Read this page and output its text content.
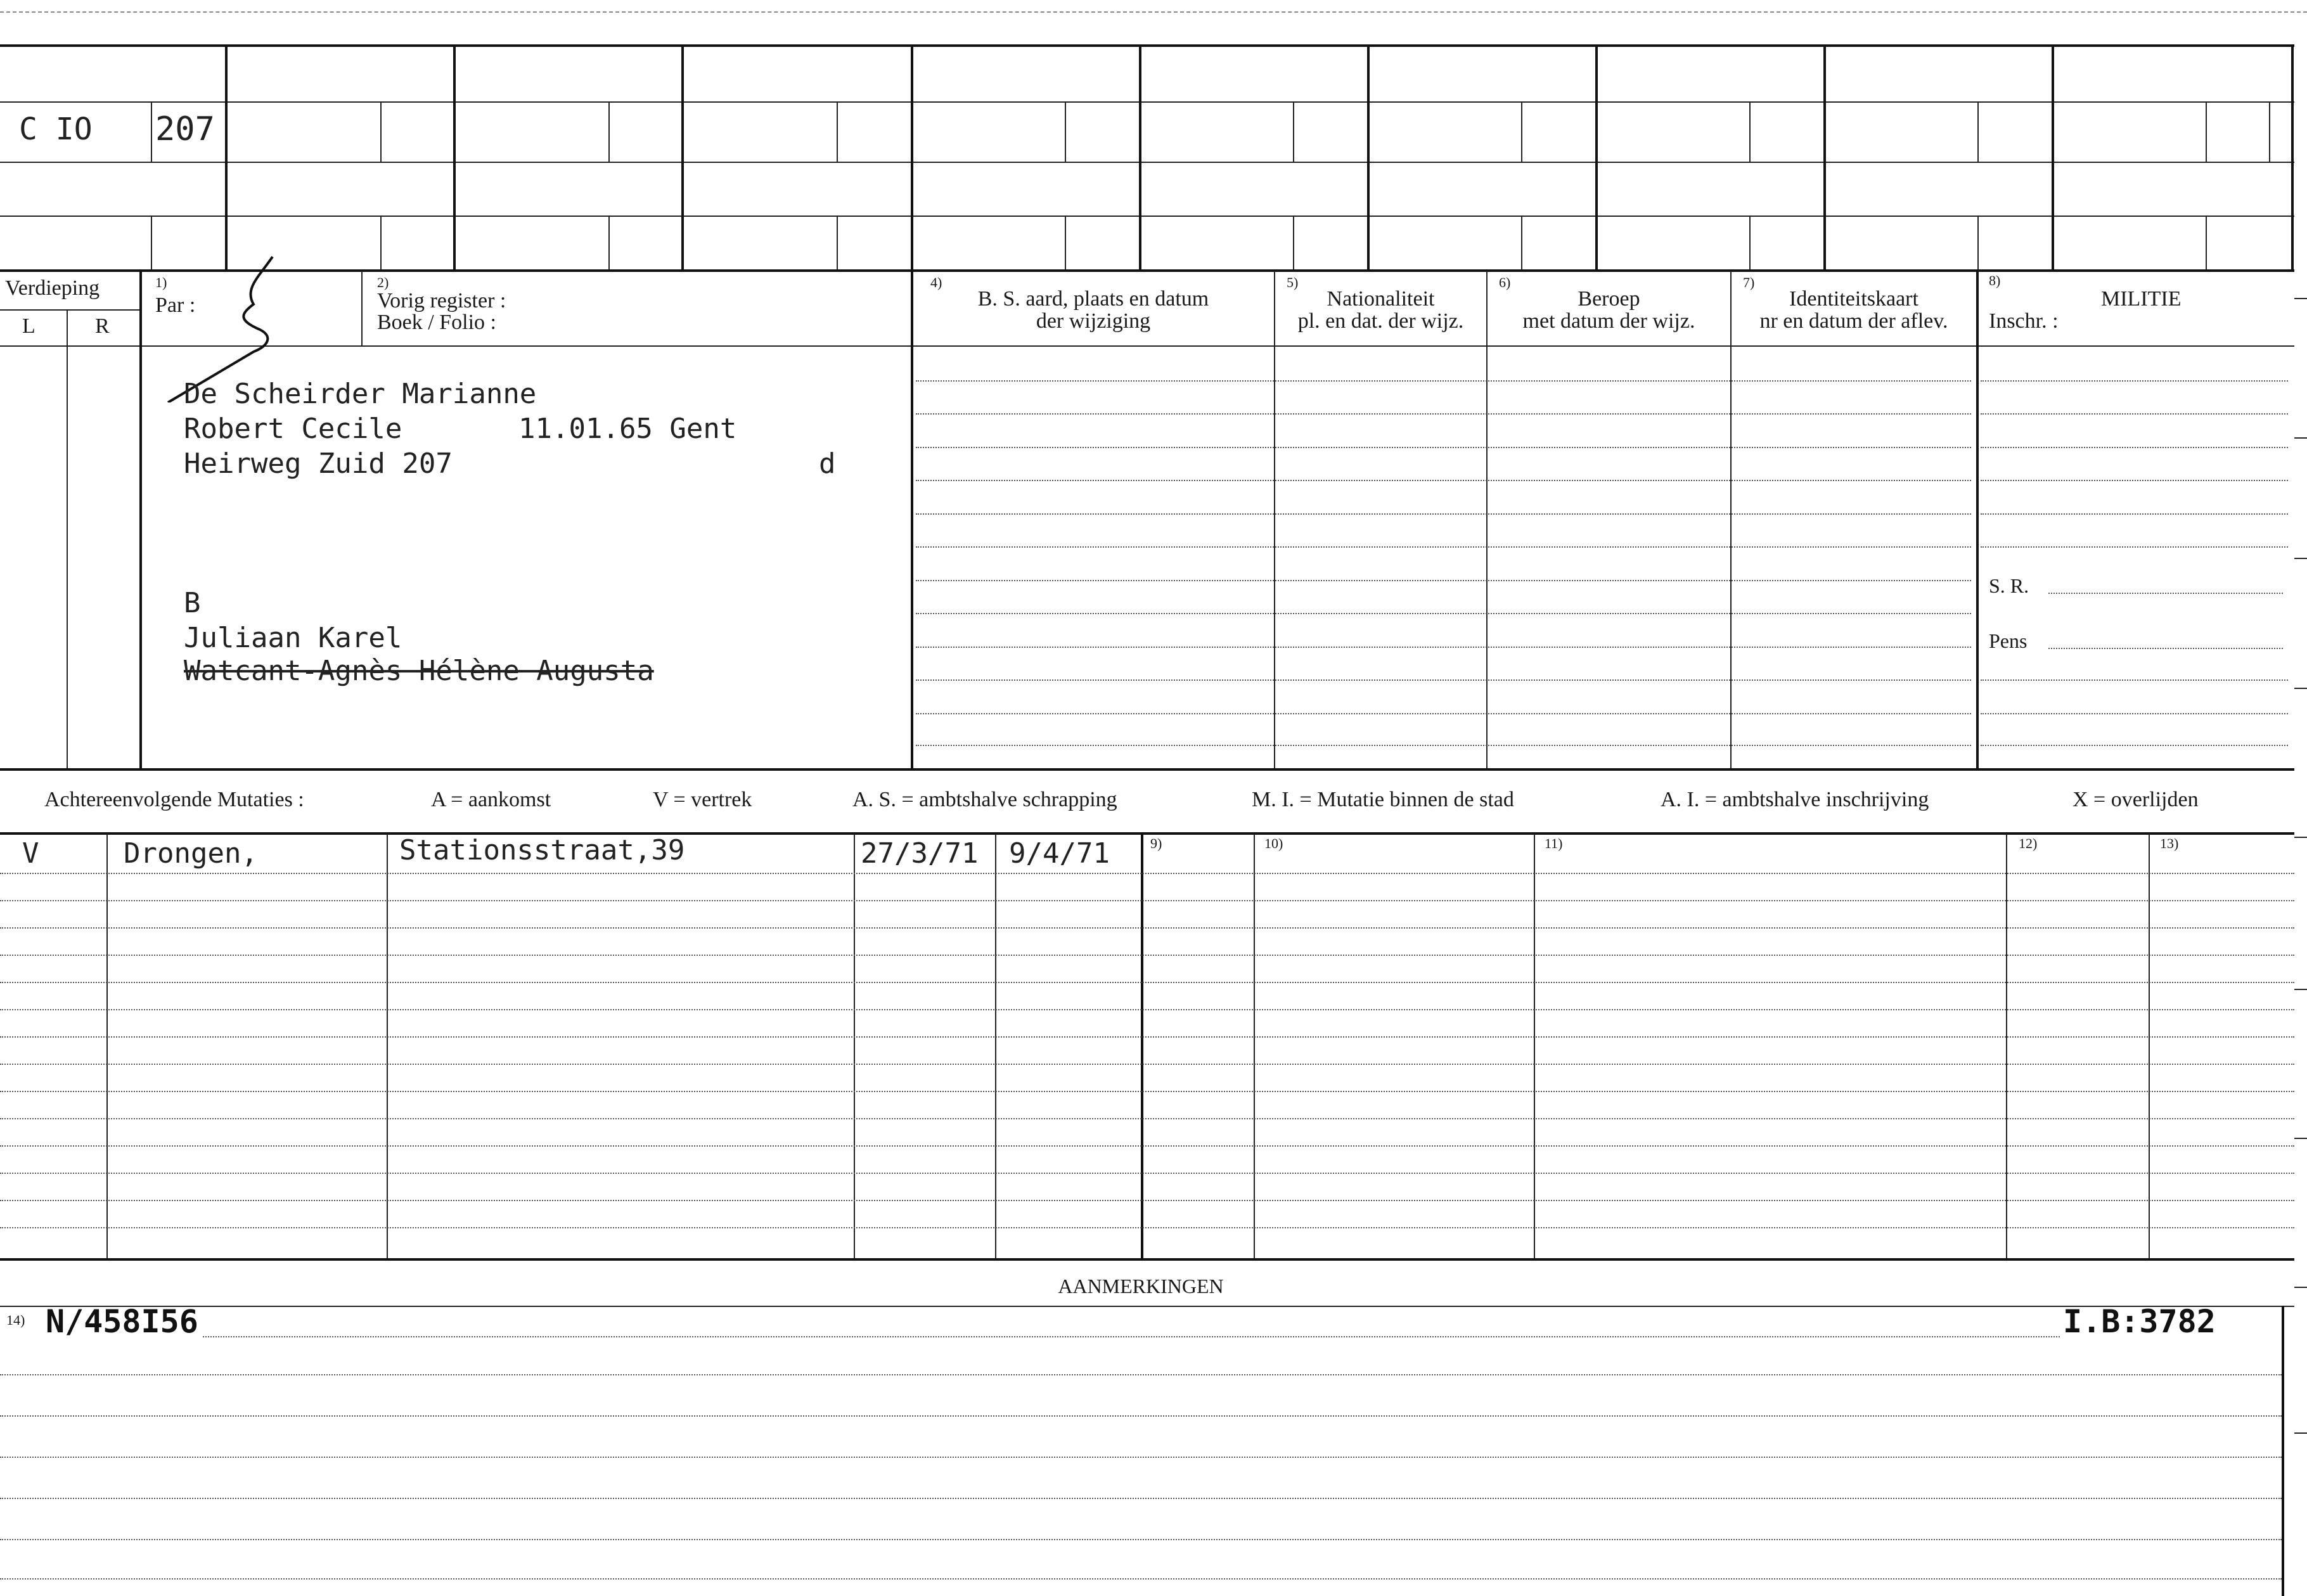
C IO 207
Verdieping
L	R
1)
Par :
2)
Vorig register :
Boek / Folio :
4)
B. S. aard, plaats en datum
der wijziging
5)
Nationaliteit
pl. en dat. der wijz.
6)
Beroep
met datum der wijz.
7)
Identiteitskaart
nr en datum der aflev.
8)
MILITIE
Inschr. :
S. R.
Pens
De Scheirder Marianne
Robert Cecile	11.01.65 Gent
Heirweg Zuid 207	d
B
Juliaan Karel
Watcant-Agnès Hélène Augusta
Achtereenvolgende Mutaties :	A = aankomst	V = vertrek	A. S. = ambtshalve schrapping	M. I. = Mutatie binnen de stad	A. I. = ambtshalve inschrijving	X = overlijden
9)	10)	11)	12)	13)
V	Drongen,	Stationsstraat,39	27/3/71 9/4/71
AANMERKINGEN
14) N/458I56	I.B:3782
